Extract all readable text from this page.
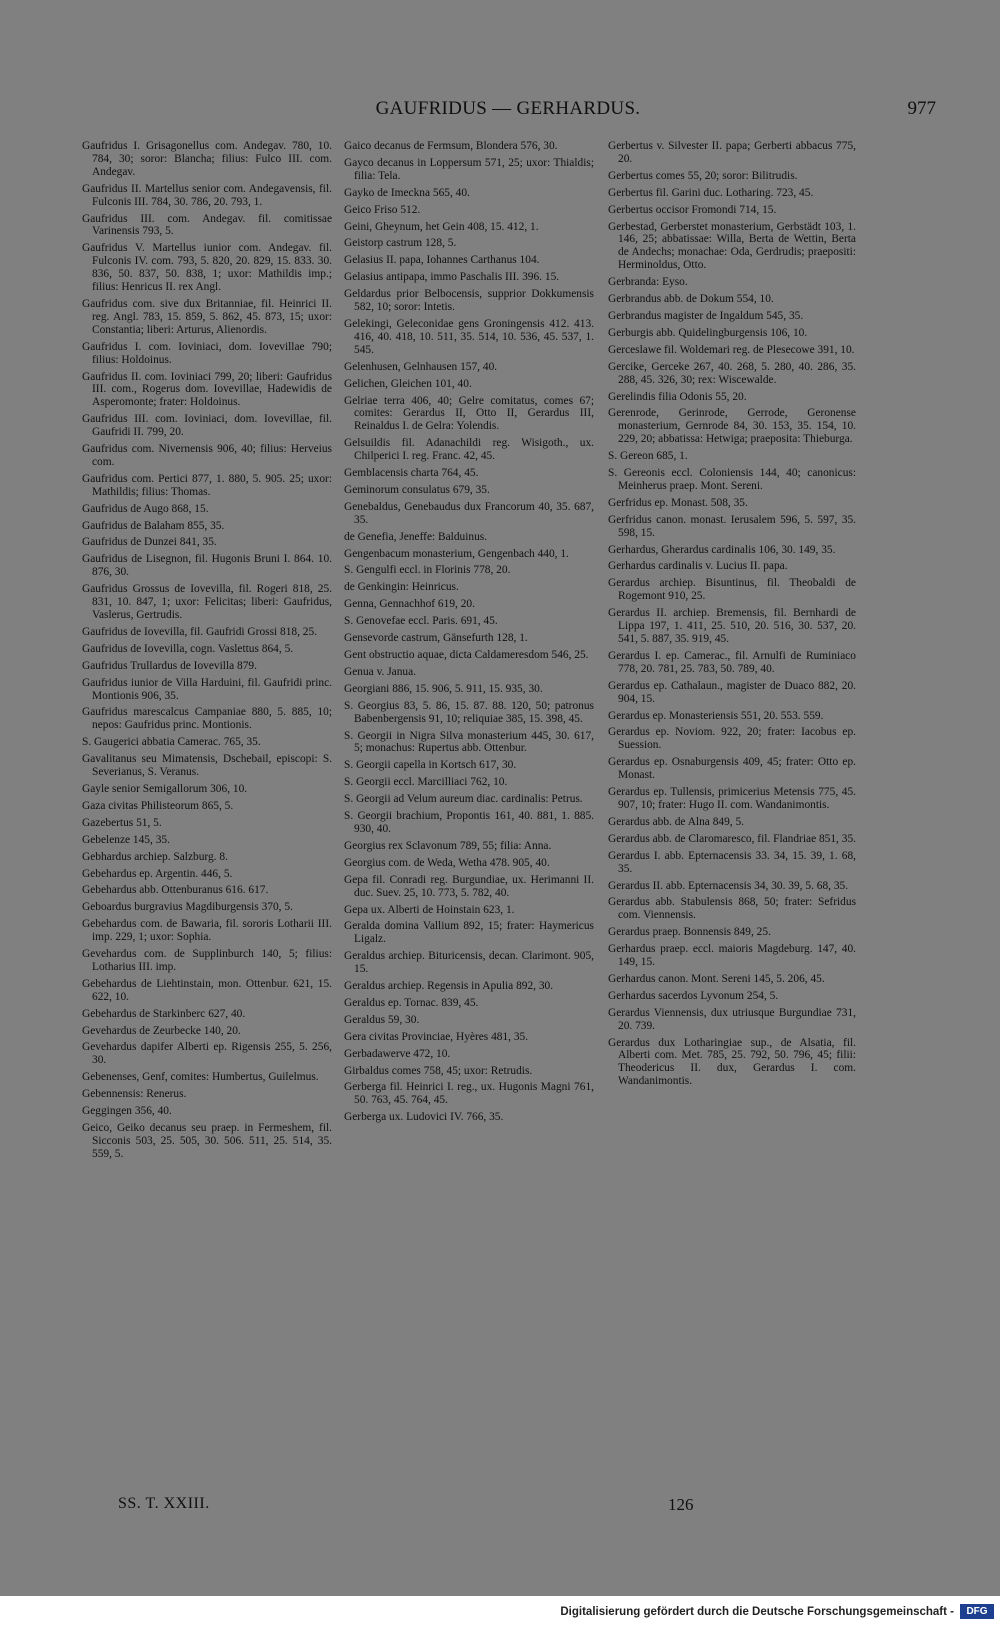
GAUFRIDUS — GERHARDUS.	977
Gaufridus I. Grisagonellus com. Andegav. 780, 10. 784, 30; soror: Blancha; filius: Fulco III. com. Andegav.
Gaufridus II. Martellus senior com. Andegavensis, fil. Fulconis III. 784, 30. 786, 20. 793, 1.
Gaufridus III. com. Andegav. fil. comitissae Varinensis 793, 5.
Gaufridus V. Martellus iunior com. Andegav. fil. Fulconis IV. com. 793, 5. 820, 20. 829, 15. 833. 30. 836, 50. 837, 50. 838, 1; uxor: Mathildis imp.; filius: Henricus II. rex Angl.
Gaufridus com. sive dux Britanniae, fil. Heinrici II. reg. Angl. 783, 15. 859, 5. 862, 45. 873, 15; uxor: Constantia; liberi: Arturus, Alienordis.
Gaufridus I. com. Ioviniaci, dom. Iovevillae 790; filius: Holdoinus.
Gaufridus II. com. Ioviniaci 799, 20; liberi: Gaufridus III. com., Rogerus dom. Iovevillae, Hadewidis de Asperomonte; frater: Holdoinus.
Gaufridus III. com. Ioviniaci, dom. Iovevillae, fil. Gaufridi II. 799, 20.
Gaufridus com. Nivernensis 906, 40; filius: Herveius com.
Gaufridus com. Pertici 877, 1. 880, 5. 905. 25; uxor: Mathildis; filius: Thomas.
Gaufridus de Augo 868, 15.
Gaufridus de Balaham 855, 35.
Gaufridus de Dunzei 841, 35.
Gaufridus de Lisegnon, fil. Hugonis Bruni I. 864. 10. 876, 30.
Gaufridus Grossus de Iovevilla, fil. Rogeri 818, 25. 831, 10. 847, 1; uxor: Felicitas; liberi: Gaufridus, Vaslerus, Gertrudis.
Gaufridus de Iovevilla, fil. Gaufridi Grossi 818, 25.
Gaufridus de Iovevilla, cogn. Vaslettus 864, 5.
Gaufridus Trullardus de Iovevilla 879.
Gaufridus iunior de Villa Harduini, fil. Gaufridi princ. Montionis 906, 35.
Gaufridus marescalcus Campaniae 880, 5. 885, 10; nepos: Gaufridus princ. Montionis.
S. Gaugerici abbatia Camerac. 765, 35.
Gavalitanus seu Mimatensis, Dschebail, episcopi: S. Severianus, S. Veranus.
Gayle senior Semigallorum 306, 10.
Gaza civitas Philisteorum 865, 5.
Gazebertus 51, 5.
Gebelenze 145, 35.
Gebhardus archiep. Salzburg. 8.
Gebehardus ep. Argentin. 446, 5.
Gebehardus abb. Ottenburanus 616. 617.
Geboardus burgravius Magdiburgensis 370, 5.
Gebehardus com. de Bawaria, fil. sororis Lotharii III. imp. 229, 1; uxor: Sophia.
Gevehardus com. de Supplinburch 140, 5; filius: Lotharius III. imp.
Gebehardus de Liehtinstain, mon. Ottenbur. 621, 15. 622, 10.
Gebehardus de Starkinberc 627, 40.
Gevehardus de Zeurbecke 140, 20.
Gevehardus dapifer Alberti ep. Rigensis 255, 5. 256, 30.
Gebenenses, Genf, comites: Humbertus, Guilelmus.
Gebennensis: Renerus.
Geggingen 356, 40.
Geico, Geiko decanus seu praep. in Fermeshem, fil. Sicconis 503, 25. 505, 30. 506. 511, 25. 514, 35. 559, 5.
Gaico decanus de Fermsum, Blondera 576, 30.
Gayco decanus in Loppersum 571, 25; uxor: Thialdis; filia: Tela.
Gayko de Imeckna 565, 40.
Geico Friso 512.
Geini, Gheynum, het Gein 408, 15. 412, 1.
Geistorp castrum 128, 5.
Gelasius II. papa, Iohannes Carthanus 104.
Gelasius antipapa, immo Paschalis III. 396. 15.
Geldardus prior Belbocensis, supprior Dokkumensis 582, 10; soror: Intetis.
Gelekingi, Geleconidae gens Groningensis 412. 413. 416, 40. 418, 10. 511, 35. 514, 10. 536, 45. 537, 1. 545.
Gelenhusen, Gelnhausen 157, 40.
Gelichen, Gleichen 101, 40.
Gelriae terra 406, 40; Gelre comitatus, comes 67; comites: Gerardus II, Otto II, Gerardus III, Reinaldus I. de Gelra: Yolendis.
Gelsuildis fil. Adanachildi reg. Wisigoth., ux. Chilperici I. reg. Franc. 42, 45.
Gemblacensis charta 764, 45.
Geminorum consulatus 679, 35.
Genebaldus, Genebaudus dux Francorum 40, 35. 687, 35.
de Genefia, Jeneffe: Balduinus.
Gengenbacum monasterium, Gengenbach 440, 1.
S. Gengulfi eccl. in Florinis 778, 20.
de Genkingin: Heinricus.
Genna, Gennachhof 619, 20.
S. Genovefae eccl. Paris. 691, 45.
Gensevorde castrum, Gänsefurth 128, 1.
Gent obstructio aquae, dicta Caldameresdom 546, 25.
Genua v. Janua.
Georgiani 886, 15. 906, 5. 911, 15. 935, 30.
S. Georgius 83, 5. 86, 15. 87. 88. 120, 50; patronus Babenbergensis 91, 10; reliquiae 385, 15. 398, 45.
S. Georgii in Nigra Silva monasterium 445, 30. 617, 5; monachus: Rupertus abb. Ottenbur.
S. Georgii capella in Kortsch 617, 30.
S. Georgii eccl. Marcilliaci 762, 10.
S. Georgii ad Velum aureum diac. cardinalis: Petrus.
S. Georgii brachium, Propontis 161, 40. 881, 1. 885. 930, 40.
Georgius rex Sclavonum 789, 55; filia: Anna.
Georgius com. de Weda, Wetha 478. 905, 40.
Gepa fil. Conradi reg. Burgundiae, ux. Herimanni II. duc. Suev. 25, 10. 773, 5. 782, 40.
Gepa ux. Alberti de Hoinstain 623, 1.
Geralda domina Vallium 892, 15; frater: Haymericus Ligalz.
Geraldus archiep. Bituricensis, decan. Clarimont. 905, 15.
Geraldus archiep. Regensis in Apulia 892, 30.
Geraldus ep. Tornac. 839, 45.
Geraldus 59, 30.
Gera civitas Provinciae, Hyères 481, 35.
Gerbadawerve 472, 10.
Girbaldus comes 758, 45; uxor: Retrudis.
Gerberga fil. Heinrici I. reg., ux. Hugonis Magni 761, 50. 763, 45. 764, 45.
Gerberga ux. Ludovici IV. 766, 35.
Gerbertus v. Silvester II. papa; Gerberti abbacus 775, 20.
Gerbertus comes 55, 20; soror: Bilitrudis.
Gerbertus fil. Garini duc. Lotharing. 723, 45.
Gerbertus occisor Fromondi 714, 15.
Gerbestad, Gerberstet monasterium, Gerbstädt 103, 1. 146, 25; abbatissae: Willa, Berta de Wettin, Berta de Andechs; monachae: Oda, Gerdrudis; praepositi: Herminoldus, Otto.
Gerbranda: Eyso.
Gerbrandus abb. de Dokum 554, 10.
Gerbrandus magister de Ingaldum 545, 35.
Gerburgis abb. Quidelingburgensis 106, 10.
Gerceslawe fil. Woldemari reg. de Plesecowe 391, 10.
Gercike, Gerceke 267, 40. 268, 5. 280, 40. 286, 35. 288, 45. 326, 30; rex: Wiscewalde.
Gerelindis filia Odonis 55, 20.
Gerenrode, Gerinrode, Gerrode, Geronense monasterium, Gernrode 84, 30. 153, 35. 154, 10. 229, 20; abbatissa: Hetwiga; praeposita: Thieburga.
S. Gereon 685, 1.
S. Gereonis eccl. Coloniensis 144, 40; canonicus: Meinherus praep. Mont. Sereni.
Gerfridus ep. Monast. 508, 35.
Gerfridus canon. monast. Ierusalem 596, 5. 597, 35. 598, 15.
Gerhardus, Gherardus cardinalis 106, 30. 149, 35.
Gerhardus cardinalis v. Lucius II. papa.
Gerardus archiep. Bisuntinus, fil. Theobaldi de Rogemont 910, 25.
Gerardus II. archiep. Bremensis, fil. Bernhardi de Lippa 197, 1. 411, 25. 510, 20. 516, 30. 537, 20. 541, 5. 887, 35. 919, 45.
Gerardus I. ep. Camerac., fil. Arnulfi de Ruminiaco 778, 20. 781, 25. 783, 50. 789, 40.
Gerardus ep. Cathalaun., magister de Duaco 882, 20. 904, 15.
Gerardus ep. Monasteriensis 551, 20. 553. 559.
Gerardus ep. Noviom. 922, 20; frater: Iacobus ep. Suession.
Gerardus ep. Osnaburgensis 409, 45; frater: Otto ep. Monast.
Gerardus ep. Tullensis, primicerius Metensis 775, 45. 907, 10; frater: Hugo II. com. Wandanimontis.
Gerardus abb. de Alna 849, 5.
Gerardus abb. de Claromaresco, fil. Flandriae 851, 35.
Gerardus I. abb. Epternacensis 33. 34, 15. 39, 1. 68, 35.
Gerardus II. abb. Epternacensis 34, 30. 39, 5. 68, 35.
Gerardus abb. Stabulensis 868, 50; frater: Sefridus com. Viennensis.
Gerardus praep. Bonnensis 849, 25.
Gerhardus praep. eccl. maioris Magdeburg. 147, 40. 149, 15.
Gerhardus canon. Mont. Sereni 145, 5. 206, 45.
Gerhardus sacerdos Lyvonum 254, 5.
Gerardus Viennensis, dux utriusque Burgundiae 731, 20. 739.
Gerardus dux Lotharingiae sup., de Alsatia, fil. Alberti com. Met. 785, 25. 792, 50. 796, 45; filii: Theodericus II. dux, Gerardus I. com. Wandanimontis.
SS. T. XXIII.	126
Digitalisierung gefördert durch die Deutsche Forschungsgemeinschaft -	DFG
